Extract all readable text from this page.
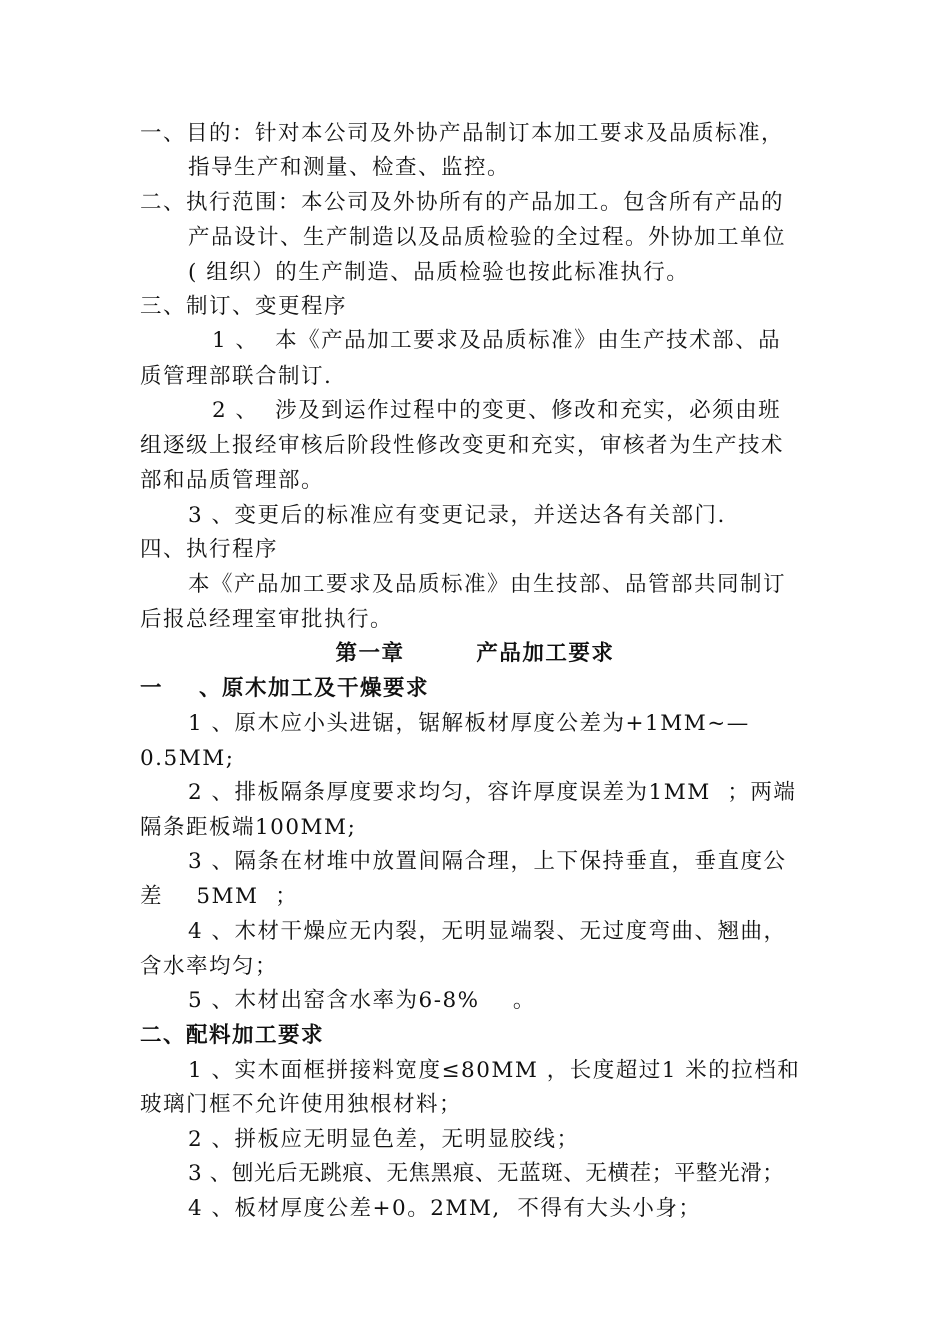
一、目的：针对本公司及外协产品制订本加工要求及品质标准，
指导生产和测量、检查、监控。
二、执行范围：本公司及外协所有的产品加工。包含所有产品的
产品设计、生产制造以及品质检验的全过程。外协加工单位
( 组织）的生产制造、品质检验也按此标准执行。
三、制订、变更程序
1 、  本《产品加工要求及品质标准》由生产技术部、品
质管理部联合制订.
2 、  涉及到运作过程中的变更、修改和充实，必须由班
组逐级上报经审核后阶段性修改变更和充实，审核者为生产技术
部和品质管理部。
3 、变更后的标准应有变更记录，并送达各有关部门.
四、执行程序
本《产品加工要求及品质标准》由生技部、品管部共同制订
后报总经理室审批执行。
第一章        产品加工要求
一    、原木加工及干燥要求
1 、原木应小头进锯，锯解板材厚度公差为+1MM~—
0.5MM;
2 、排板隔条厚度要求均匀，容许厚度误差为1MM  ；两端
隔条距板端100MM;
3 、隔条在材堆中放置间隔合理，上下保持垂直，垂直度公
差    5MM  ；
4 、木材干燥应无内裂，无明显端裂、无过度弯曲、翘曲，
含水率均匀；
5 、木材出窑含水率为6-8%    。
二、配料加工要求
1 、实木面框拼接料宽度≤80MM ，长度超过1 米的拉档和
玻璃门框不允许使用独根材料；
2 、拼板应无明显色差，无明显胶线；
3 、刨光后无跳痕、无焦黑痕、无蓝斑、无横茬；平整光滑；
4 、板材厚度公差+0。2MM,  不得有大头小身；
